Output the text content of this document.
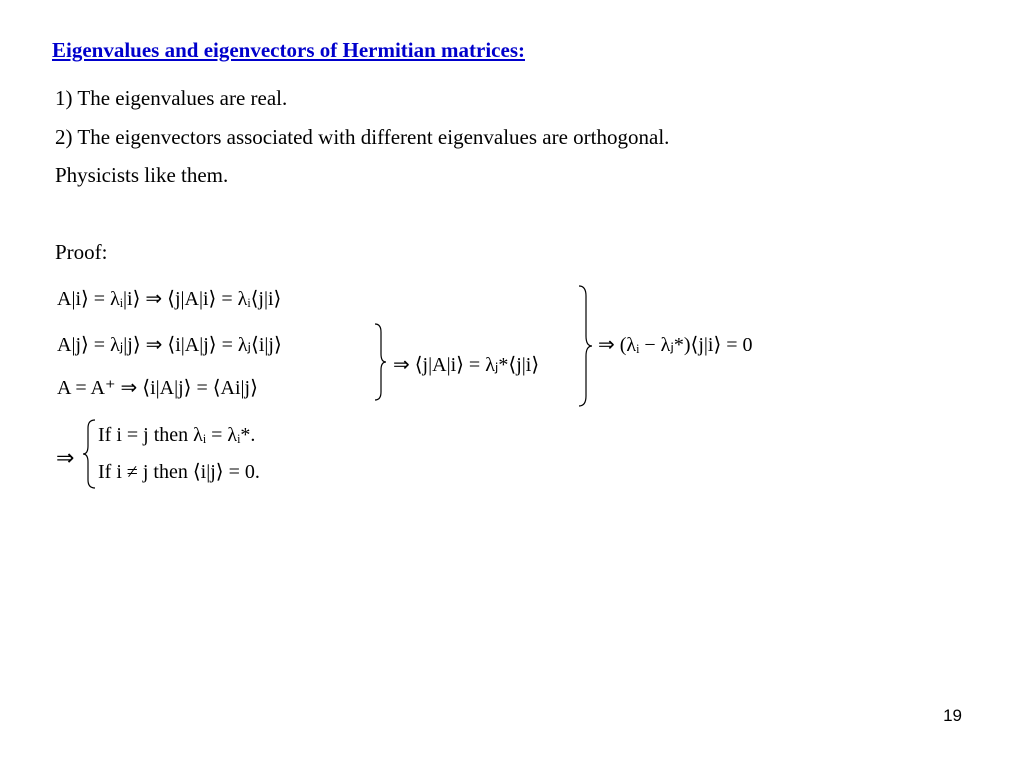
Eigenvalues and eigenvectors of Hermitian matrices:
1) The eigenvalues are real.
2) The eigenvectors associated with different eigenvalues are orthogonal.
Physicists like them.
Proof:
A|i⟩ = λᵢ|i⟩ ⇒ ⟨j|A|i⟩ = λᵢ⟨j|i⟩
A|j⟩ = λⱼ|j⟩ ⇒ ⟨i|A|j⟩ = λⱼ⟨i|j⟩
A = A⁺ ⇒ ⟨i|A|j⟩ = ⟨Ai|j⟩
⇒ ⟨j|A|i⟩ = λⱼ*⟨j|i⟩
⇒ (λᵢ − λⱼ*)⟨j|i⟩ = 0
⇒
If i = j then λᵢ = λᵢ*.
If i ≠ j then ⟨i|j⟩ = 0.
19
